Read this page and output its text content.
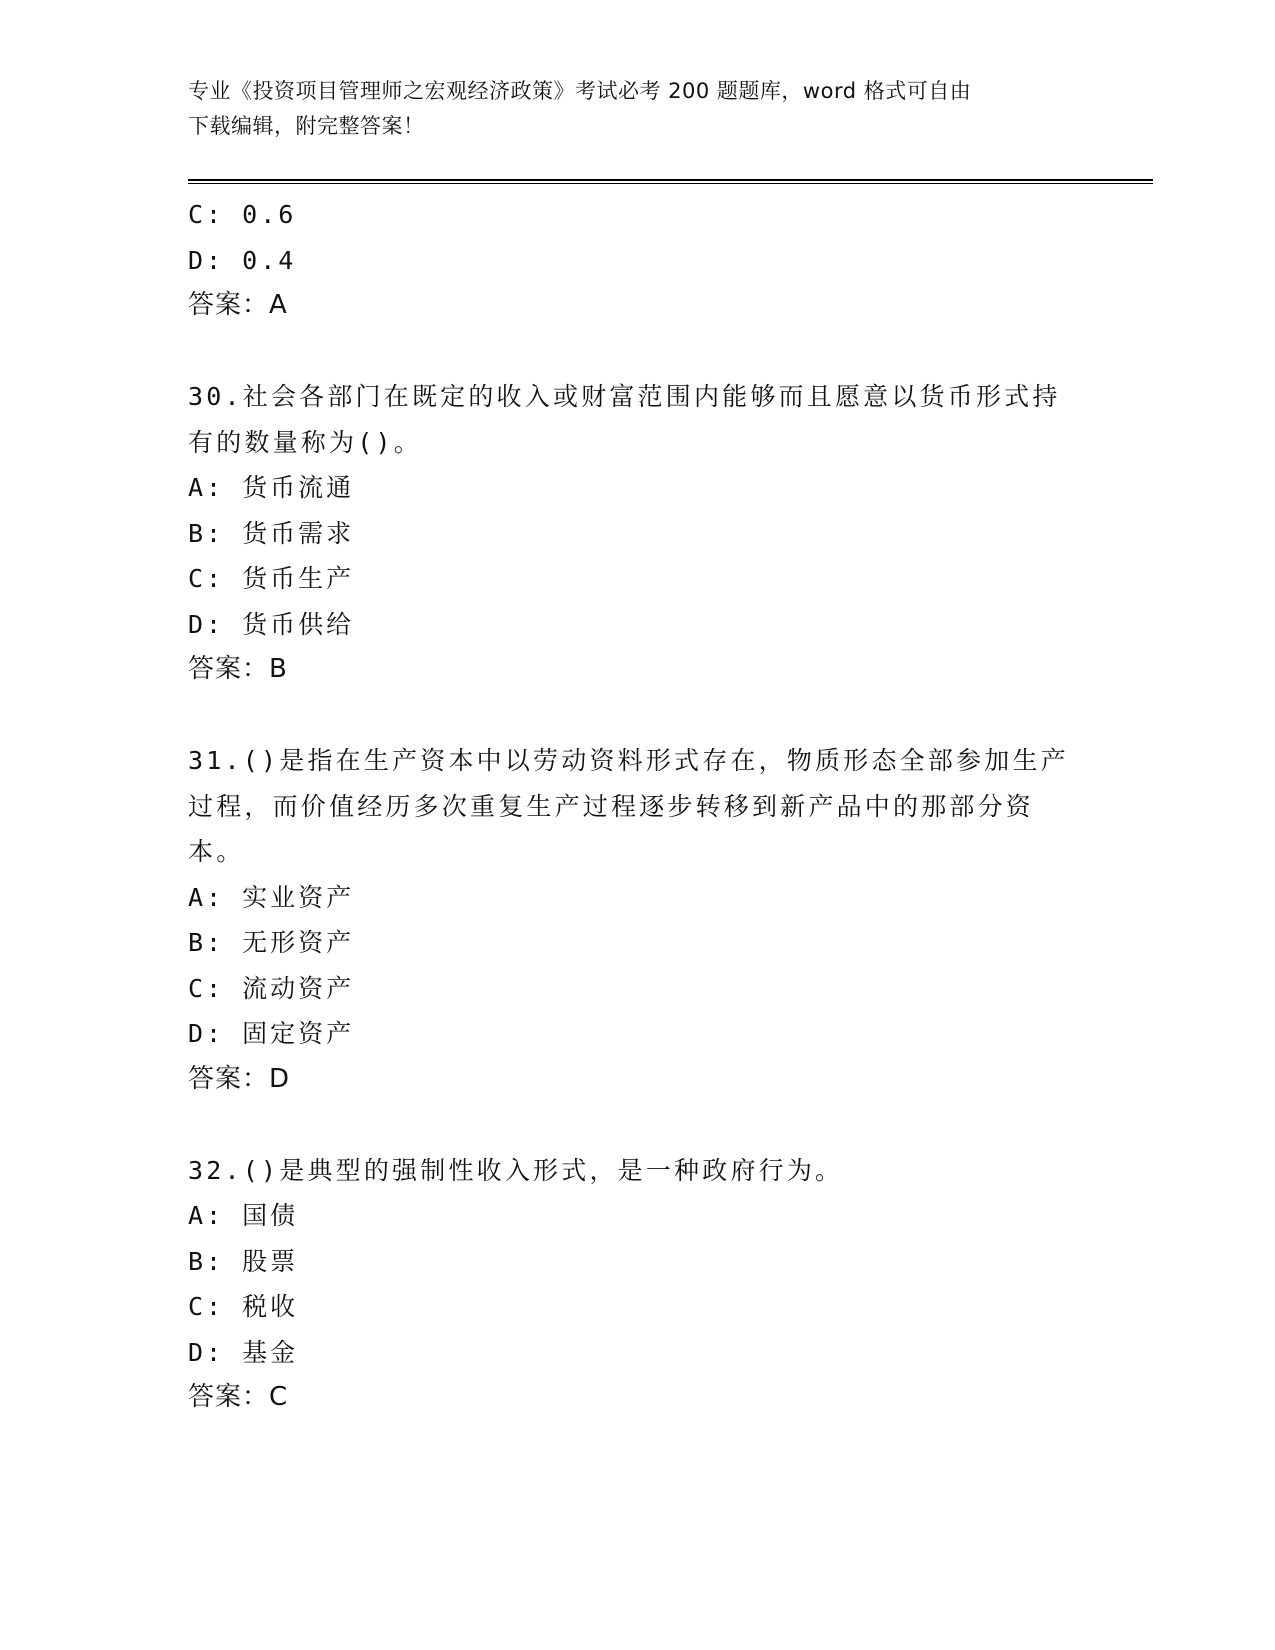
专业《投资项目管理师之宏观经济政策》考试必考 200 题题库，word 格式可自由
下载编辑，附完整答案！
C: 0.6
D: 0.4
答案：A
30.社会各部门在既定的收入或财富范围内能够而且愿意以货币形式持
有的数量称为()。
A: 货币流通
B: 货币需求
C: 货币生产
D: 货币供给
答案：B
31.()是指在生产资本中以劳动资料形式存在，物质形态全部参加生产
过程，而价值经历多次重复生产过程逐步转移到新产品中的那部分资
本。
A: 实业资产
B: 无形资产
C: 流动资产
D: 固定资产
答案：D
32.()是典型的强制性收入形式，是一种政府行为。
A: 国债
B: 股票
C: 税收
D: 基金
答案：C
